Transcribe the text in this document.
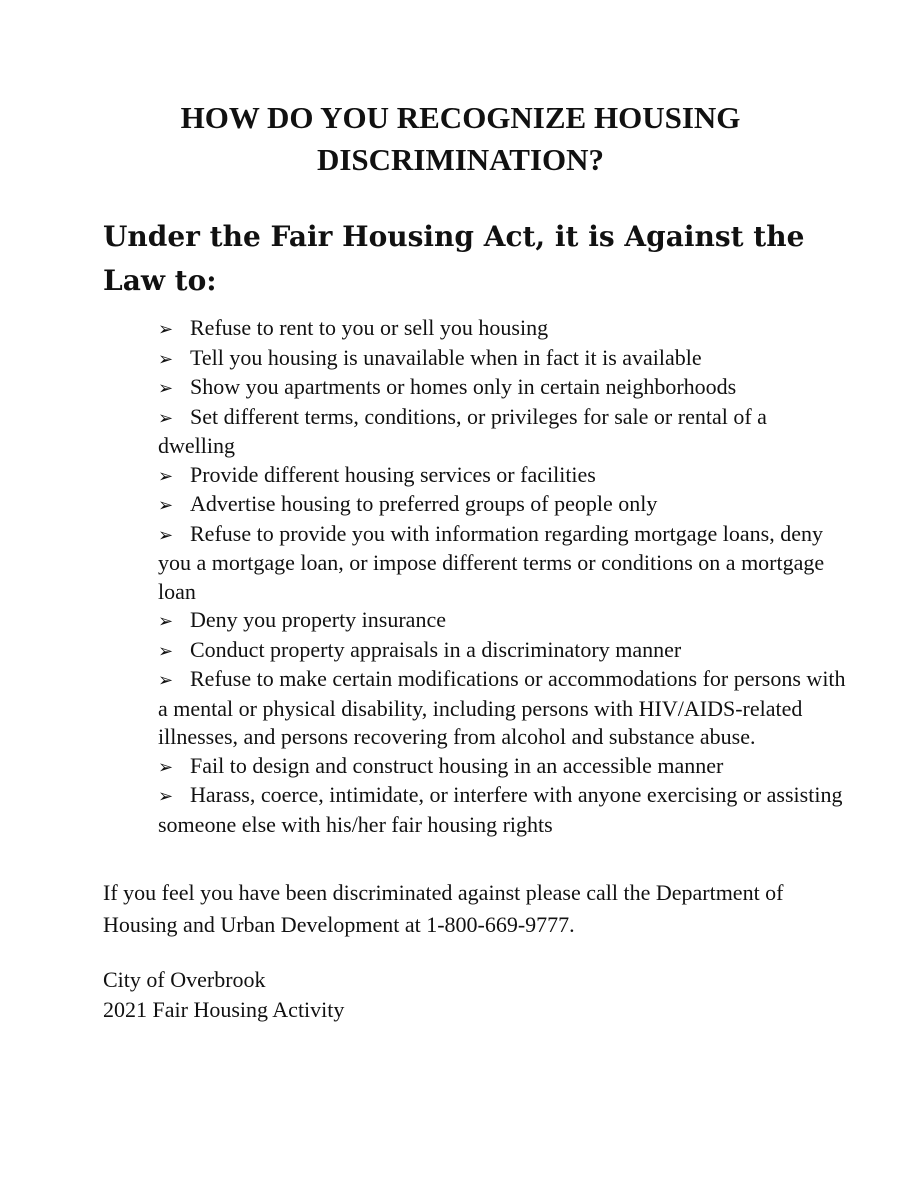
HOW DO YOU RECOGNIZE HOUSING
DISCRIMINATION?
Under the Fair Housing Act, it is Against the Law to:
➢ Refuse to rent to you or sell you housing
➢ Tell you housing is unavailable when in fact it is available
➢ Show you apartments or homes only in certain neighborhoods
➢ Set different terms, conditions, or privileges for sale or rental of a dwelling
➢ Provide different housing services or facilities
➢ Advertise housing to preferred groups of people only
➢ Refuse to provide you with information regarding mortgage loans, deny you a mortgage loan, or impose different terms or conditions on a mortgage loan
➢ Deny you property insurance
➢ Conduct property appraisals in a discriminatory manner
➢ Refuse to make certain modifications or accommodations for persons with a mental or physical disability, including persons with HIV/AIDS-related illnesses, and persons recovering from alcohol and substance abuse.
➢ Fail to design and construct housing in an accessible manner
➢ Harass, coerce, intimidate, or interfere with anyone exercising or assisting someone else with his/her fair housing rights

If you feel you have been discriminated against please call the Department of Housing and Urban Development at 1-800-669-9777.

City of Overbrook
2021 Fair Housing Activity
